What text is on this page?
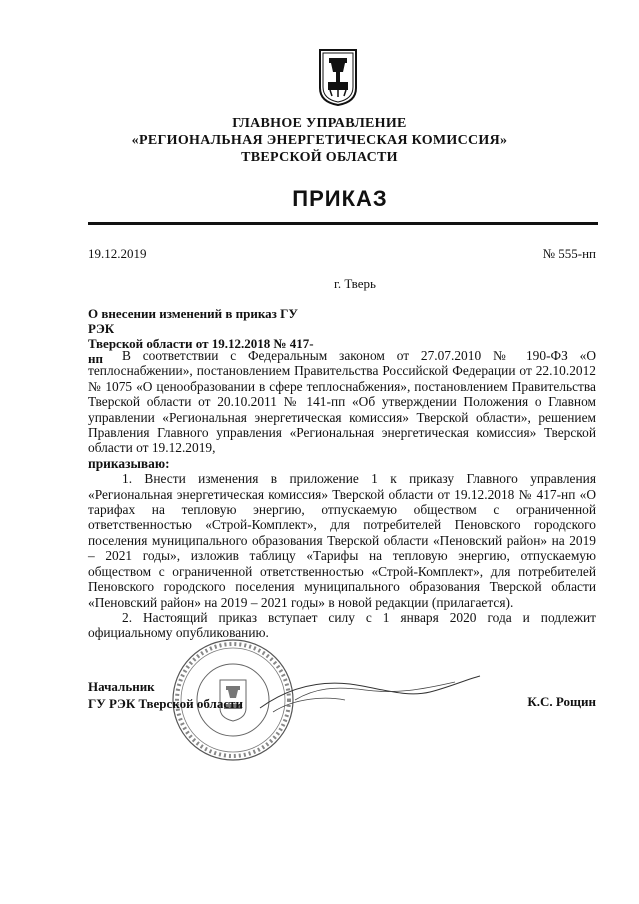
ГЛАВНОЕ УПРАВЛЕНИЕ
«РЕГИОНАЛЬНАЯ ЭНЕРГЕТИЧЕСКАЯ КОМИССИЯ»
ТВЕРСКОЙ ОБЛАСТИ
ПРИКАЗ
19.12.2019	№ 555-нп
г. Тверь
О внесении изменений в приказ ГУ РЭК
Тверской области от 19.12.2018 № 417-нп	В соответствии с Федеральным законом от 27.07.2010 № 190-ФЗ «О теплоснабжении», постановлением Правительства Российской Федерации от 22.10.2012 № 1075 «О ценообразовании в сфере теплоснабжения», постановлением Правительства Тверской области от 20.10.2011 № 141-пп «Об утверждении Положения о Главном управлении «Региональная энергетическая комиссия» Тверской области», решением Правления Главного управления «Региональная энергетическая комиссия» Тверской области от 19.12.2019,

приказываю:

1. Внести изменения в приложение 1 к приказу Главного управления «Региональная энергетическая комиссия» Тверской области от 19.12.2018 № 417-нп «О тарифах на тепловую энергию, отпускаемую обществом с ограниченной ответственностью «Строй-Комплект», для потребителей Пеновского городского поселения муниципального образования Тверской области «Пеновский район» на 2019 – 2021 годы», изложив таблицу «Тарифы на тепловую энергию, отпускаемую обществом с ограниченной ответственностью «Строй-Комплект», для потребителей Пеновского городского поселения муниципального образования Тверской области «Пеновский район» на 2019 – 2021 годы» в новой редакции (прилагается).

2. Настоящий приказ вступает силу с 1 января 2020 года и подлежит официальному опубликованию.

Начальник
ГУ РЭК Тверской области	К.С. Рощин
